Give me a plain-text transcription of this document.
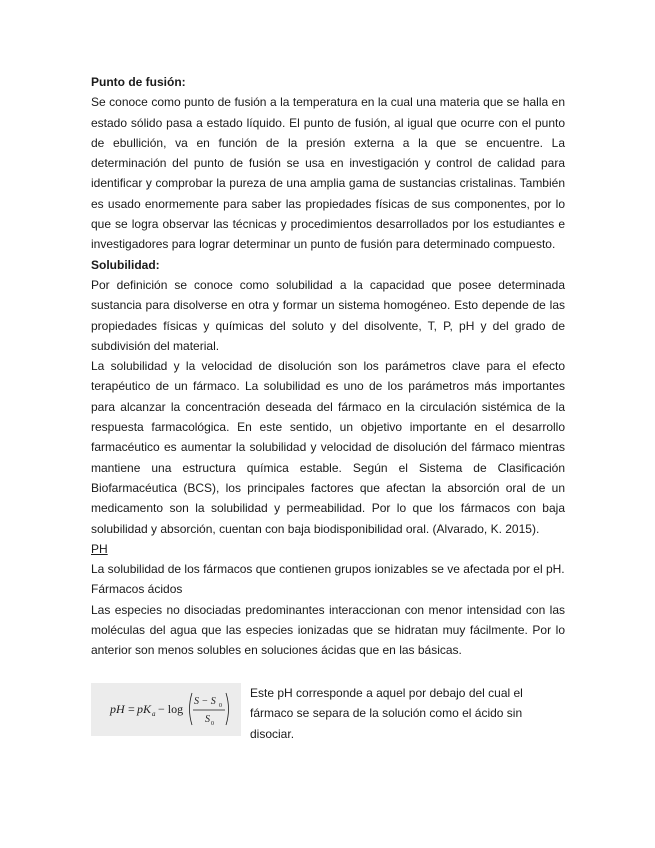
Punto de fusión:

Se conoce como punto de fusión a la temperatura en la cual una materia que se halla en estado sólido pasa a estado líquido. El punto de fusión, al igual que ocurre con el punto de ebullición, va en función de la presión externa a la que se encuentre. La determinación del punto de fusión se usa en investigación y control de calidad para identificar y comprobar la pureza de una amplia gama de sustancias cristalinas. También es usado enormemente para saber las propiedades físicas de sus componentes, por lo que se logra observar las técnicas y procedimientos desarrollados por los estudiantes e investigadores para lograr determinar un punto de fusión para determinado compuesto.

Solubilidad:

Por definición se conoce como solubilidad a la capacidad que posee determinada sustancia para disolverse en otra y formar un sistema homogéneo. Esto depende de las propiedades físicas y químicas del soluto y del disolvente, T, P, pH y del grado de subdivisión del material.

La solubilidad y la velocidad de disolución son los parámetros clave para el efecto terapéutico de un fármaco. La solubilidad es uno de los parámetros más importantes para alcanzar la concentración deseada del fármaco en la circulación sistémica de la respuesta farmacológica. En este sentido, un objetivo importante en el desarrollo farmacéutico es aumentar la solubilidad y velocidad de disolución del fármaco mientras mantiene una estructura química estable. Según el Sistema de Clasificación Biofarmacéutica (BCS), los principales factores que afectan la absorción oral de un medicamento son la solubilidad y permeabilidad. Por lo que los fármacos con baja solubilidad y absorción, cuentan con baja biodisponibilidad oral. (Alvarado, K. 2015).

PH

La solubilidad de los fármacos que contienen grupos ionizables se ve afectada por el pH.

Fármacos ácidos

Las especies no disociadas predominantes interaccionan con menor intensidad con las moléculas del agua que las especies ionizadas que se hidratan muy fácilmente. Por lo anterior son menos solubles en soluciones ácidas que en las básicas.

pH = pK a − log
S − S 0
S 0
Este pH corresponde a aquel por debajo del cual el fármaco se separa de la solución como el ácido sin disociar.
